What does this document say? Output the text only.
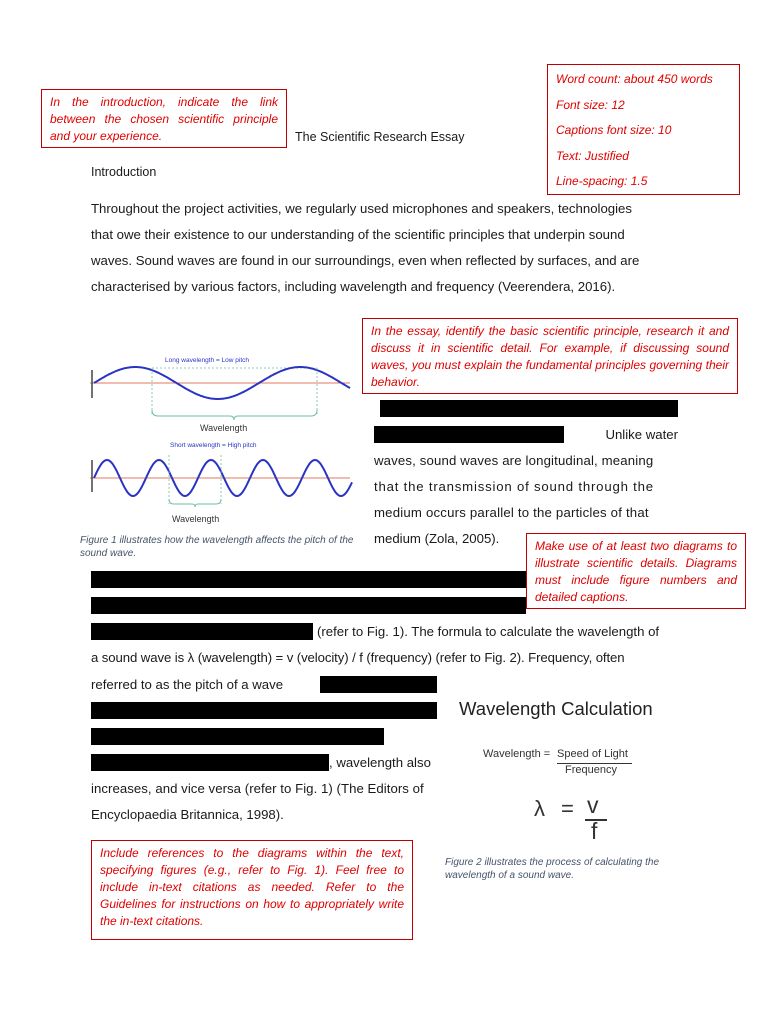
In the introduction, indicate the link between the chosen scientific principle and your experience.
Word count: about 450 words
Font size: 12
Captions font size: 10
Text: Justified
Line-spacing: 1.5
In the essay, identify the basic scientific principle, research it and discuss it in scientific detail. For example, if discussing sound waves, you must explain the fundamental principles governing their behavior.
Make use of at least two diagrams to illustrate scientific details. Diagrams must include figure numbers and detailed captions.
Include references to the diagrams within the text, specifying figures (e.g., refer to Fig. 1). Feel free to include in-text citations as needed. Refer to the Guidelines for instructions on how to appropriately write the in-text citations.
The Scientific Research Essay
Introduction
Throughout the project activities, we regularly used microphones and speakers, technologies
that owe their existence to our understanding of the scientific principles that underpin sound
waves. Sound waves are found in our surroundings, even when reflected by surfaces, and are
characterised by various factors, including wavelength and frequency (Veerendera, 2016).
Long wavelength = Low pitch
Wavelength
Short wavelength = High pitch
Wavelength
Figure 1 illustrates how the wavelength affects the pitch of the sound wave.
Unlike water
waves, sound waves are longitudinal, meaning
that the transmission of sound through the
medium occurs parallel to the particles of that
medium (Zola, 2005).
(refer to Fig. 1). The formula to calculate the wavelength of
a sound wave is λ (wavelength) = v (velocity) / f (frequency) (refer to Fig. 2). Frequency, often
referred to as the pitch of a wave
, wavelength also
increases, and vice versa (refer to Fig. 1) (The Editors of
Encyclopaedia Britannica, 1998).
Wavelength Calculation
Wavelength = Speed of Light
Frequency
λ = v
f
Figure 2 illustrates the process of calculating the wavelength of a sound wave.
